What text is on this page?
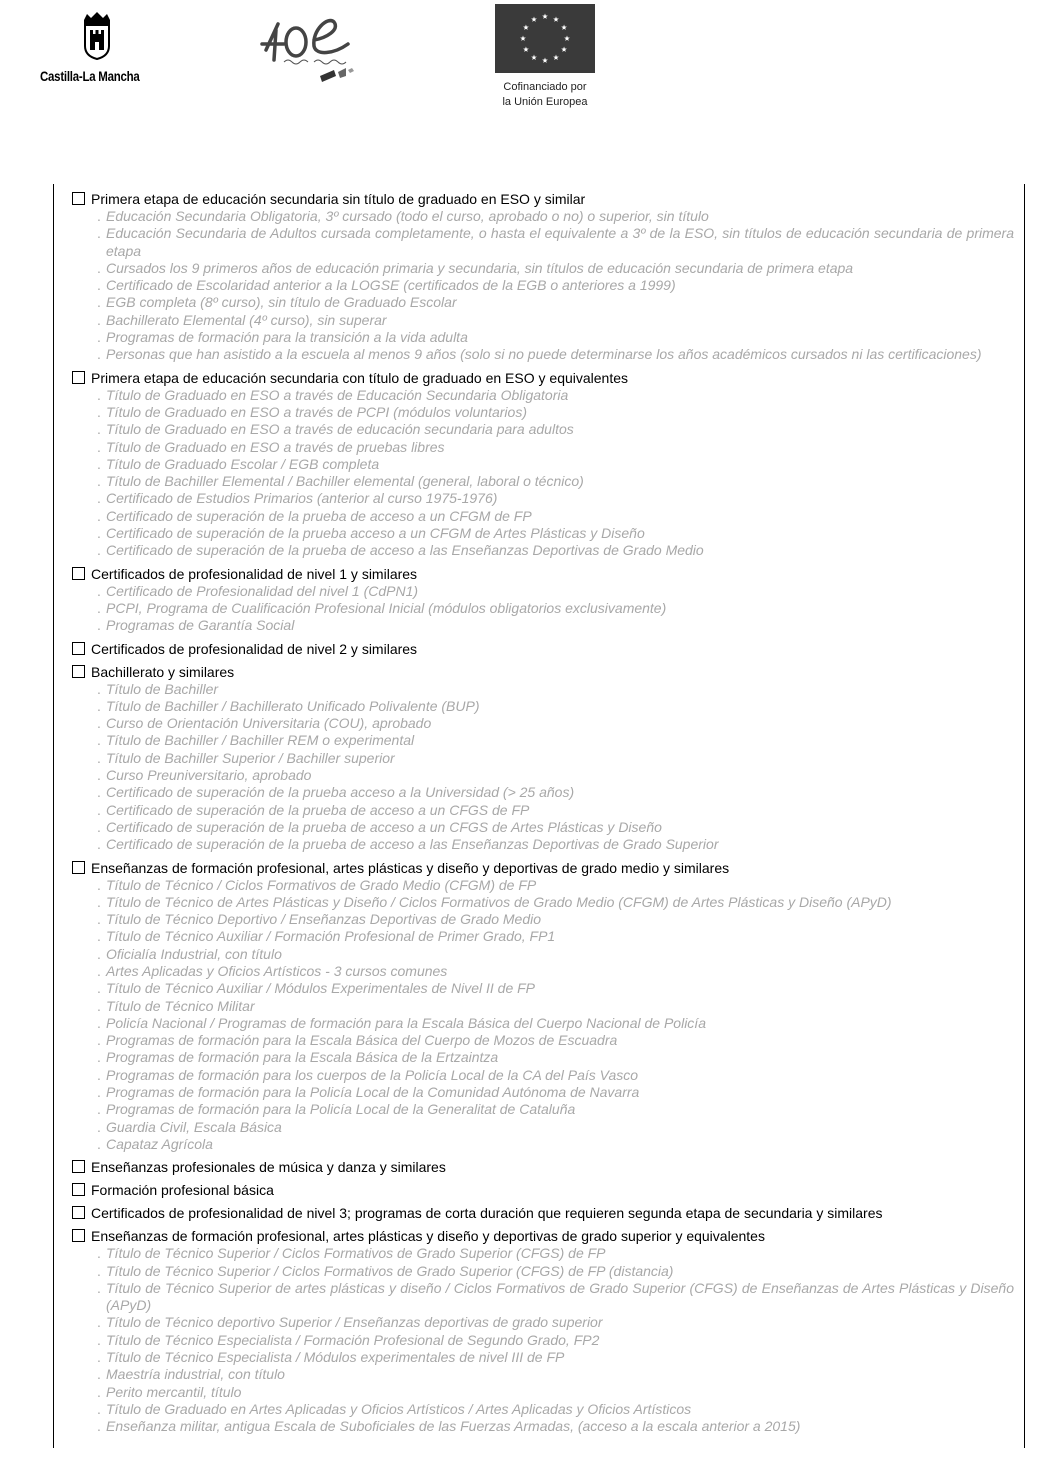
Castilla-La Mancha
Cofinanciado por
la Unión Europea
Primera etapa de educación secundaria sin título de graduado en ESO y similar
. Educación Secundaria Obligatoria, 3º cursado (todo el curso, aprobado o no) o superior, sin título
. Educación Secundaria de Adultos cursada completamente, o hasta el equivalente a 3º de la ESO, sin títulos de educación secundaria de primera etapa
. Cursados los 9 primeros años de educación primaria y secundaria, sin títulos de educación secundaria de primera etapa
. Certificado de Escolaridad anterior a la LOGSE (certificados de la EGB o anteriores a 1999)
. EGB completa (8º curso), sin título de Graduado Escolar
. Bachillerato Elemental (4º curso), sin superar
. Programas de formación para la transición a la vida adulta
. Personas que han asistido a la escuela al menos 9 años (solo si no puede determinarse los años académicos cursados ni las certificaciones)
Primera etapa de educación secundaria con título de graduado en ESO y equivalentes
. Título de Graduado en ESO a través de Educación Secundaria Obligatoria
. Título de Graduado en ESO a través de PCPI (módulos voluntarios)
. Título de Graduado en ESO a través de educación secundaria para adultos
. Título de Graduado en ESO a través de pruebas libres
. Título de Graduado Escolar / EGB completa
. Título de Bachiller Elemental / Bachiller elemental (general, laboral o técnico)
. Certificado de Estudios Primarios (anterior al curso 1975-1976)
. Certificado de superación de la prueba de acceso a un CFGM de FP
. Certificado de superación de la prueba acceso a un CFGM de Artes Plásticas y Diseño
. Certificado de superación de la prueba de acceso a las Enseñanzas Deportivas de Grado Medio
Certificados de profesionalidad de nivel 1 y similares
. Certificado de Profesionalidad del nivel 1 (CdPN1)
. PCPI, Programa de Cualificación Profesional Inicial (módulos obligatorios exclusivamente)
. Programas de Garantía Social
Certificados de profesionalidad de nivel 2 y similares
Bachillerato y similares
. Título de Bachiller
. Título de Bachiller / Bachillerato Unificado Polivalente (BUP)
. Curso de Orientación Universitaria (COU), aprobado
. Título de Bachiller / Bachiller REM o experimental
. Título de Bachiller Superior / Bachiller superior
. Curso Preuniversitario, aprobado
. Certificado de superación de la prueba acceso a la Universidad (> 25 años)
. Certificado de superación de la prueba de acceso a un CFGS de FP
. Certificado de superación de la prueba de acceso a un CFGS de Artes Plásticas y Diseño
. Certificado de superación de la prueba de acceso a las Enseñanzas Deportivas de Grado Superior
Enseñanzas de formación profesional, artes plásticas y diseño y deportivas de grado medio y similares
. Título de Técnico / Ciclos Formativos de Grado Medio (CFGM) de FP
. Título de Técnico de Artes Plásticas y Diseño / Ciclos Formativos de Grado Medio (CFGM) de Artes Plásticas y Diseño (APyD)
. Título de Técnico Deportivo / Enseñanzas Deportivas de Grado Medio
. Título de Técnico Auxiliar / Formación Profesional de Primer Grado, FP1
. Oficialía Industrial, con título
. Artes Aplicadas y Oficios Artísticos - 3 cursos comunes
. Título de Técnico Auxiliar / Módulos Experimentales de Nivel II de FP
. Título de Técnico Militar
. Policía Nacional / Programas de formación para la Escala Básica del Cuerpo Nacional de Policía
. Programas de formación para la Escala Básica del Cuerpo de Mozos de Escuadra
. Programas de formación para la Escala Básica de la Ertzaintza
. Programas de formación para los cuerpos de la Policía Local de la CA del País Vasco
. Programas de formación para la Policía Local de la Comunidad Autónoma de Navarra
. Programas de formación para la Policía Local de la Generalitat de Cataluña
. Guardia Civil, Escala Básica
. Capataz Agrícola
Enseñanzas profesionales de música y danza y similares
Formación profesional básica
Certificados de profesionalidad de nivel 3; programas de corta duración que requieren segunda etapa de secundaria y similares
Enseñanzas de formación profesional, artes plásticas y diseño y deportivas de grado superior y equivalentes
. Título de Técnico Superior / Ciclos Formativos de Grado Superior (CFGS) de FP
. Título de Técnico Superior / Ciclos Formativos de Grado Superior (CFGS) de FP (distancia)
. Título de Técnico Superior de artes plásticas y diseño / Ciclos Formativos de Grado Superior (CFGS) de Enseñanzas de Artes Plásticas y Diseño (APyD)
. Título de Técnico deportivo Superior / Enseñanzas deportivas de grado superior
. Título de Técnico Especialista / Formación Profesional de Segundo Grado, FP2
. Título de Técnico Especialista / Módulos experimentales de nivel III de FP
. Maestría industrial, con título
. Perito mercantil, título
. Título de Graduado en Artes Aplicadas y Oficios Artísticos / Artes Aplicadas y Oficios Artísticos
. Enseñanza militar, antigua Escala de Suboficiales de las Fuerzas Armadas, (acceso a la escala anterior a 2015)
